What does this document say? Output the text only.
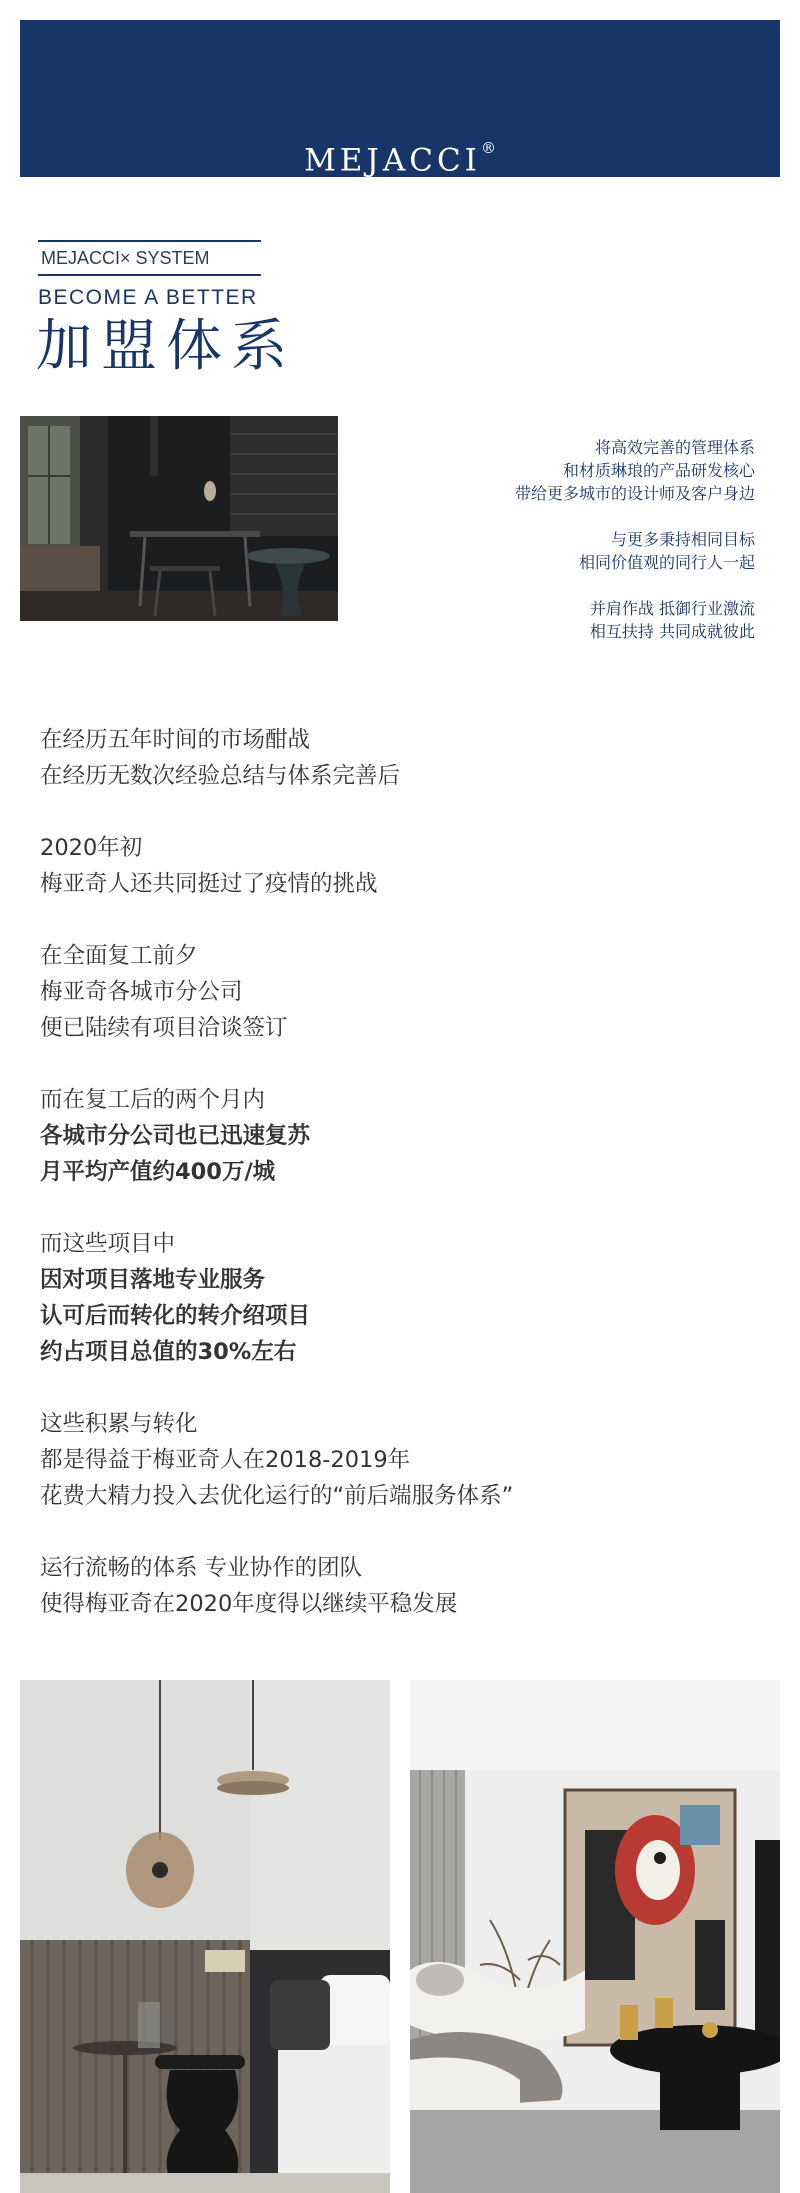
MEJACCI®
MEJACCI× SYSTEM
BECOME A BETTER
加盟体系
将高效完善的管理体系
和材质琳琅的产品研发核心
带给更多城市的设计师及客户身边
与更多秉持相同目标
相同价值观的同行人一起
并肩作战 抵御行业激流
相互扶持 共同成就彼此
在经历五年时间的市场酣战
在经历无数次经验总结与体系完善后
2020年初
梅亚奇人还共同挺过了疫情的挑战
在全面复工前夕
梅亚奇各城市分公司
便已陆续有项目洽谈签订
而在复工后的两个月内
各城市分公司也已迅速复苏
月平均产值约400万/城
而这些项目中
因对项目落地专业服务
认可后而转化的转介绍项目
约占项目总值的30%左右
这些积累与转化
都是得益于梅亚奇人在2018-2019年
花费大精力投入去优化运行的“前后端服务体系”
运行流畅的体系 专业协作的团队
使得梅亚奇在2020年度得以继续平稳发展
